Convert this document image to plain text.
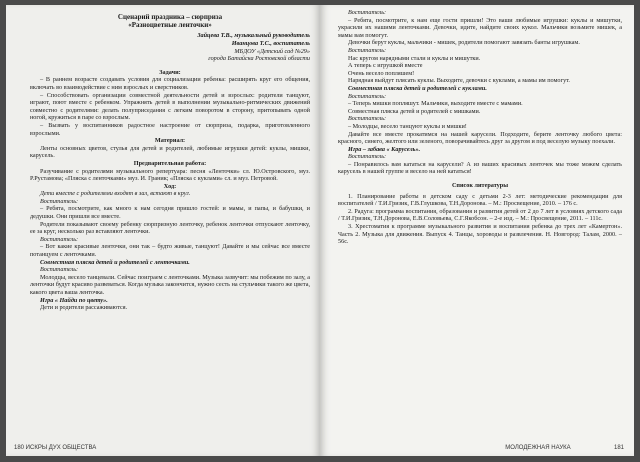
Сценарий праздника – сюрприза

«Разноцветные ленточки»

Зайцева Т.В., музыкальный руководитель

Иванцова Т.С., воспитатель

МБДОУ «Детский сад №29»

города Батайска Ростовской области

Задачи:

– В раннем возрасте создавать условия для социализации ребенка: расширять круг его общения, включать во взаимодействие с ним взрослых и сверстников.

– Способствовать организации совместной деятельности детей и взрослых: родители танцуют, играют, поют вместе с ребенком. Упражнять детей в выполнении музыкально-ритмических движений совместно с родителями: делать полуприседания с легким поворотом в сторону, притопывать одной ногой, кружиться в паре со взрослым.

– Вызвать у воспитанников радостное настроение от сюрприза, подарка, приготовленного взрослыми.

Материал:

Ленты основных цветов, стулья для детей и родителей, любимые игрушки детей: куклы, мишки, карусель.

Предварительная работа:

Разучивание с родителями музыкального репертуара: песня «Ленточки» сл. Ю.Островского, муз. Р.Рустамова; «Пляска с ленточками» муз. И. Граник; «Пляска с куклами» сл. и муз. Петровой.

Ход:

Дети вместе с родителями входят в зал, встают в круг.

Воспитатель:

– Ребята, посмотрите, как много к нам сегодня пришло гостей: и мамы, и папы, и бабушки, и дедушки. Они пришли все вместе.

Родители показывают своему ребенку сюрпризную ленточку, ребенок ленточки отпускают ленточку, ее за круг, несколько раз вставляют ленточки.

Воспитатель:

– Вот какие красивые ленточки, они так – будто живые, танцуют! Давайте и мы сейчас все вместе потанцуем с ленточками.

Совместная пляска детей и родителей с ленточками.

Воспитатель:

Молодцы, весело танцевали. Сейчас поиграем с ленточками. Музыка зазвучит: мы побежим по залу, а ленточки будут красиво развеваться. Когда музыка закончится, нужно сесть на стульчики такого же цвета, какого цвета ваша ленточка.

Игра « Найди по цвету».

Дети и родители рассаживаются.

180 ИСКРЫ ДУХ ОБЩЕСТВА

Воспитатель:

– Ребята, посмотрите, к нам еще гости пришли! Это ваши любимые игрушки: куклы и мишутки, украсили их нашими ленточками. Девочки, идите, найдите своих кукол. Мальчики возьмите мишек, а мамы вам помогут.

Девочки берут куклы, мальчики - мишек, родители помогают завязать банты игрушкам.

Воспитатель:

Нас кругом нарядными стали и куклы и мишутки.

А теперь с игрушкой вместе

Очень весело попляшем!

Нарядная выйдут плясать куклы. Выходите, девочки с куклами, а мамы им помогут.

Совместная пляска детей и родителей с куклами.

Воспитатель:

– Теперь мишки попляшут. Мальчики, выходите вместе с мамами.

Совместная пляска детей и родителей с мишками.

Воспитатель:

– Молодцы, весело танцуют куклы и мишки!

Давайте все вместе прокатимся на нашей карусели. Подходите, берите ленточку любого цвета: красного, синего, желтого или зеленого, поворачивайтесь друг за другом и под веселую музыку поехали.

Игра – забава « Карусель».

Воспитатель:

– Понравилось вам кататься на карусели? А из ваших красивых ленточек мы тоже можем сделать карусель в нашей группе и весело на ней кататься!

Список литературы

1. Планирование работы в детском саду с детьми 2-3 лет: методические рекомендации для воспитателей / Т.И.Гризик, Г.В.Глушкова, Т.Н.Доронова. – М.: Просвещение, 2010. – 176 с.

2. Радуга: программа воспитания, образования и развития детей от 2 до 7 лет в условиях детского сада / Т.И.Гризик, Т.Н.Доронова, Е.В.Соловьева, С.Г.Якобсон. – 2-е изд. – М.: Просвещение, 2011. – 111с.

3. Хрестоматия к программе музыкального развития и воспитания ребенка до трех лет «Камертон». Часть 2. Музыка для движения. Выпуск 4. Танцы, хороводы и развлечения. Н. Новгород: Талам, 2000. – 56с.

МОЛОДЕЖНАЯ НАУКА	181
